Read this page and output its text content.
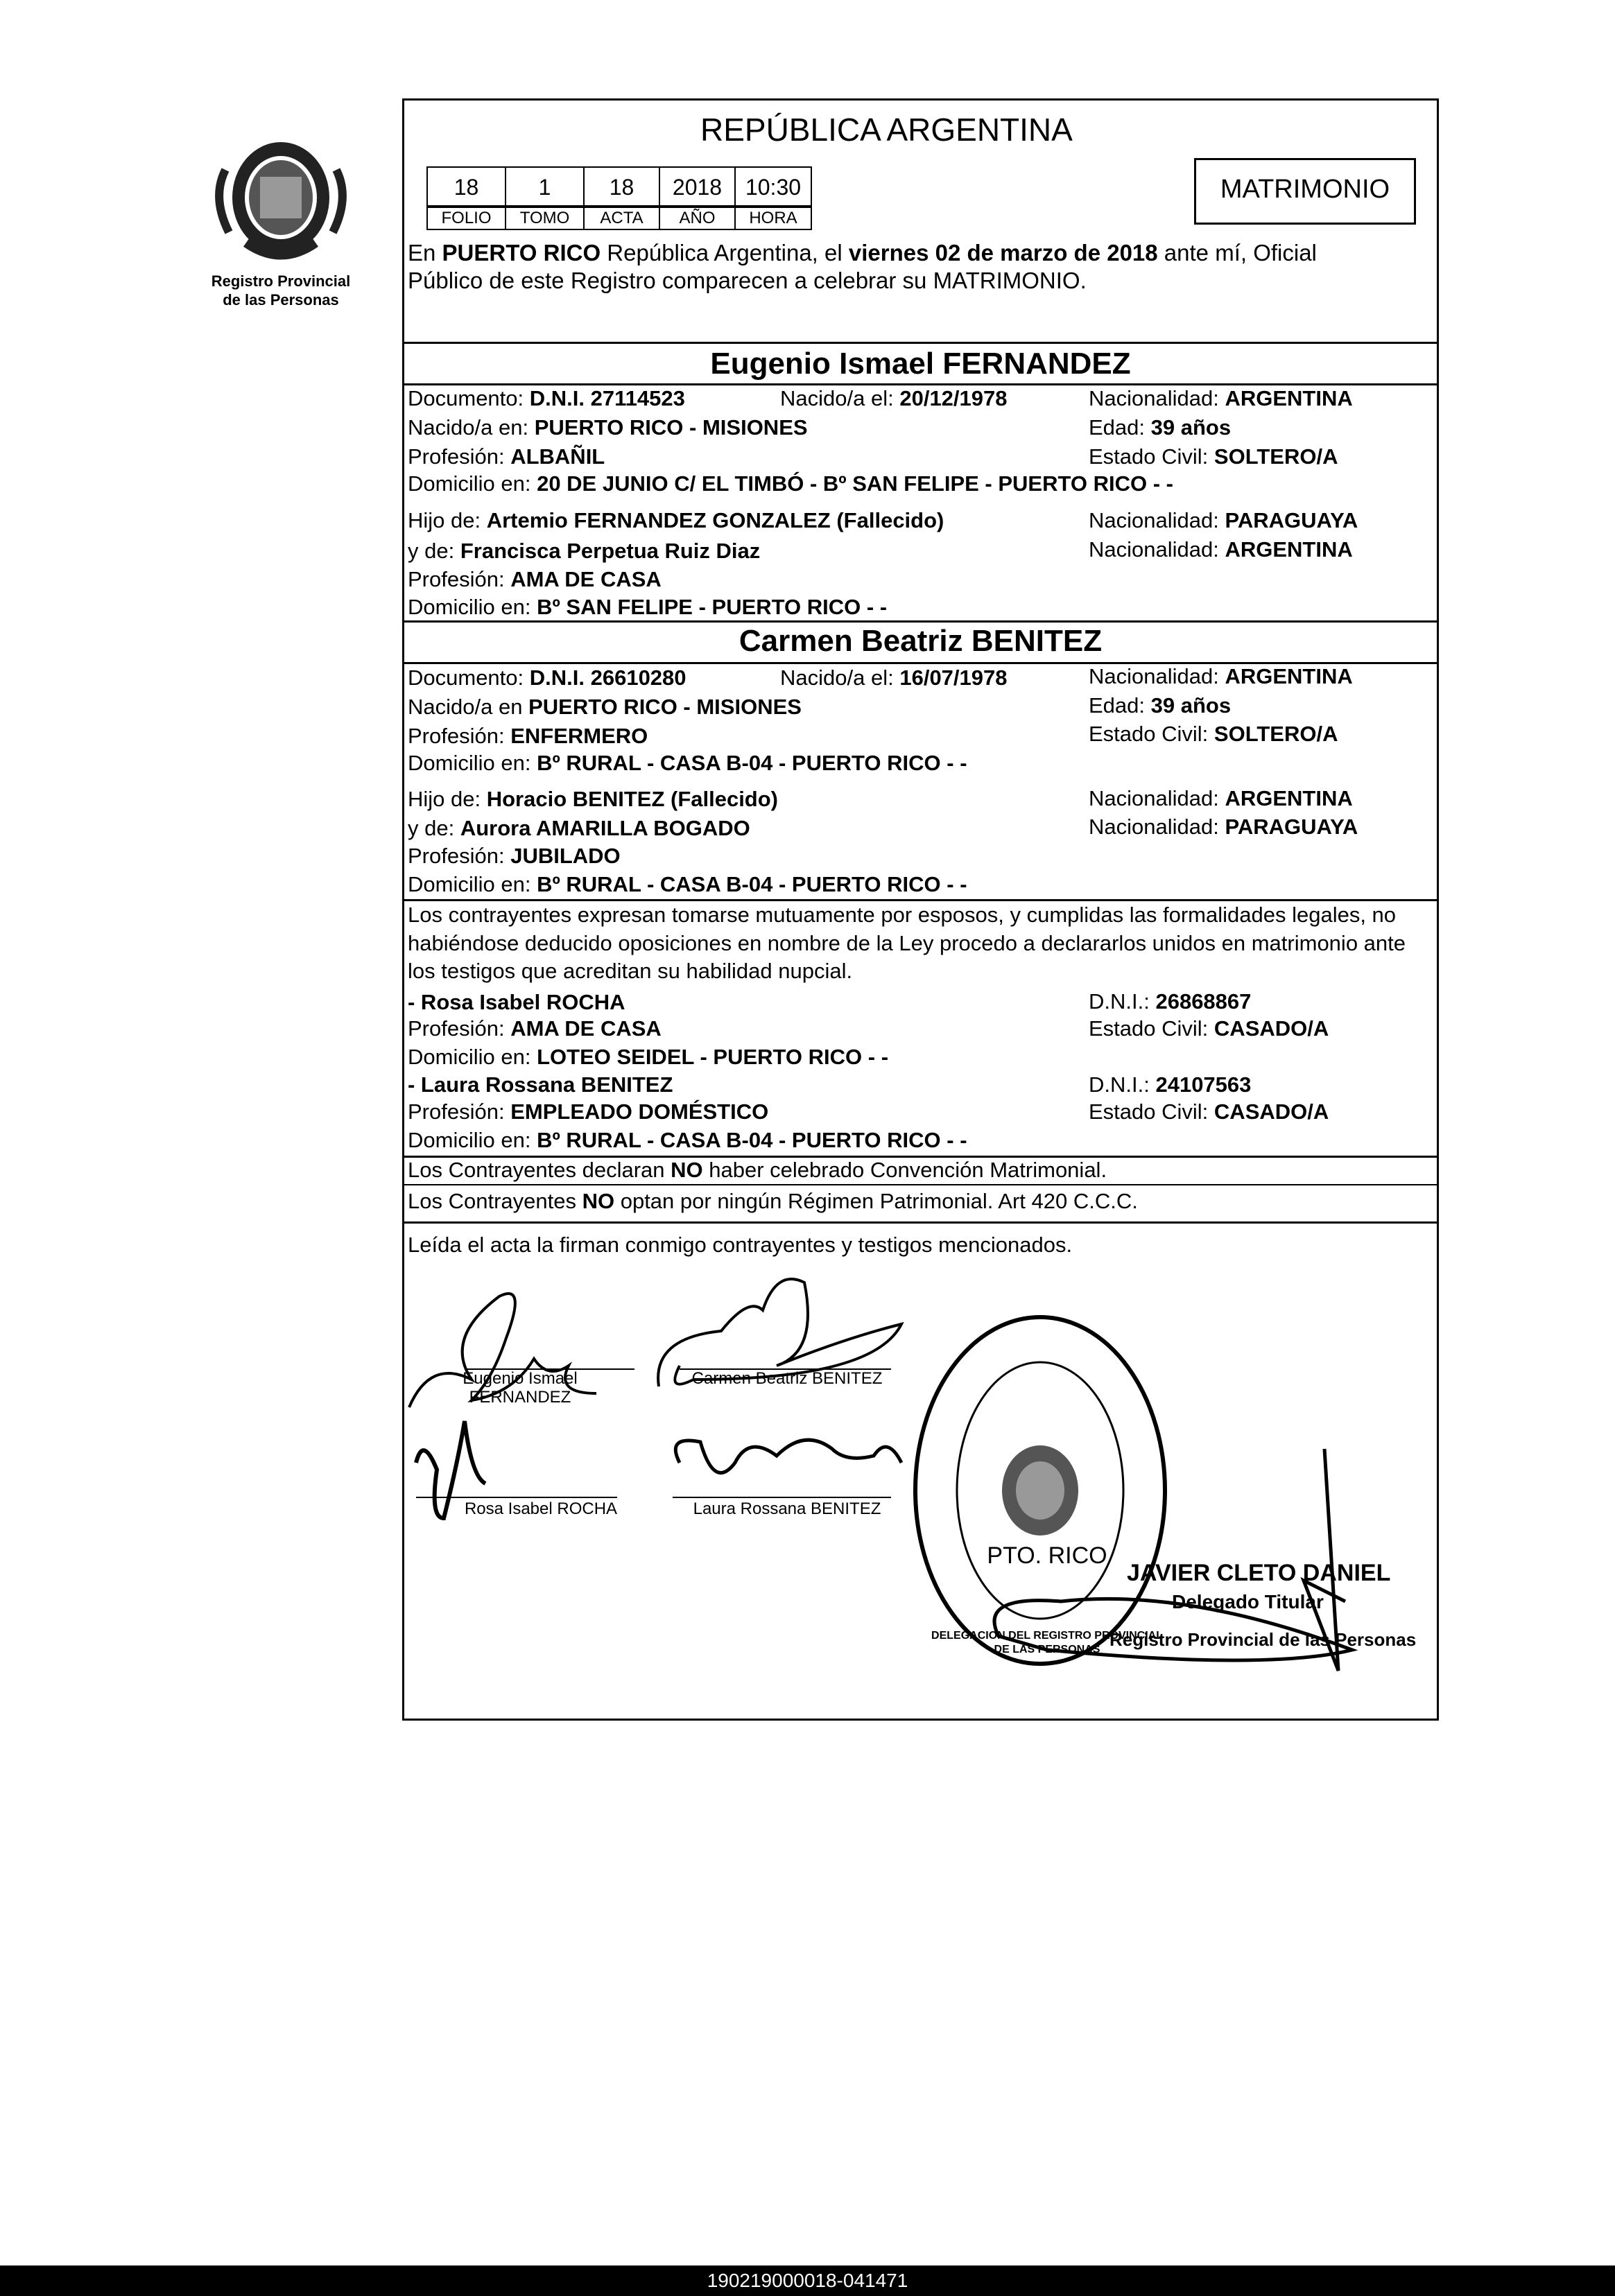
Registro Provincial
de las Personas
REPÚBLICA ARGENTINA
MATRIMONIO
18	1	18	2018	10:30
FOLIO	TOMO	ACTA	AÑO	HORA
En PUERTO RICO República Argentina, el viernes 02 de marzo de 2018 ante mí, Oficial
Público de este Registro comparecen a celebrar su MATRIMONIO.
Eugenio Ismael FERNANDEZ
Documento: D.N.I. 27114523	Nacido/a el: 20/12/1978	Nacionalidad: ARGENTINA
Nacido/a en: PUERTO RICO - MISIONES	Edad: 39 años
Profesión: ALBAÑIL	Estado Civil: SOLTERO/A
Domicilio en: 20 DE JUNIO C/ EL TIMBÓ - Bº SAN FELIPE - PUERTO RICO - -
Hijo de: Artemio FERNANDEZ GONZALEZ (Fallecido)	Nacionalidad: PARAGUAYA
y de: Francisca Perpetua Ruiz Diaz	Nacionalidad: ARGENTINA
Profesión: AMA DE CASA
Domicilio en: Bº SAN FELIPE - PUERTO RICO - -
Carmen Beatriz BENITEZ
Documento: D.N.I. 26610280	Nacido/a el: 16/07/1978	Nacionalidad: ARGENTINA
Nacido/a en PUERTO RICO - MISIONES	Edad: 39 años
Profesión: ENFERMERO	Estado Civil: SOLTERO/A
Domicilio en: Bº RURAL - CASA B-04 - PUERTO RICO - -
Hijo de: Horacio BENITEZ (Fallecido)	Nacionalidad: ARGENTINA
y de: Aurora AMARILLA BOGADO	Nacionalidad: PARAGUAYA
Profesión: JUBILADO
Domicilio en: Bº RURAL - CASA B-04 - PUERTO RICO - -
Los contrayentes expresan tomarse mutuamente por esposos, y cumplidas las formalidades legales, no
habiéndose deducido oposiciones en nombre de la Ley procedo a declararlos unidos en matrimonio ante
los testigos que acreditan su habilidad nupcial.
- Rosa Isabel ROCHA	D.N.I.: 26868867
Profesión: AMA DE CASA	Estado Civil: CASADO/A
Domicilio en: LOTEO SEIDEL - PUERTO RICO - -
- Laura Rossana BENITEZ	D.N.I.: 24107563
Profesión: EMPLEADO DOMÉSTICO	Estado Civil: CASADO/A
Domicilio en: Bº RURAL - CASA B-04 - PUERTO RICO - -
Los Contrayentes declaran NO haber celebrado Convención Matrimonial.
Los Contrayentes NO optan por ningún Régimen Patrimonial. Art 420 C.C.C.
Leída el acta la firman conmigo contrayentes y testigos mencionados.
Eugenio Ismael
FERNANDEZ
Carmen Beatriz BENITEZ
Rosa Isabel ROCHA	Laura Rossana BENITEZ
DELEGACION DEL REGISTRO PROVINCIAL DE LAS PERSONAS
PTO. RICO
JAVIER CLETO DANIEL
Delegado Titular
Registro Provincial de las Personas
190219000018-041471
